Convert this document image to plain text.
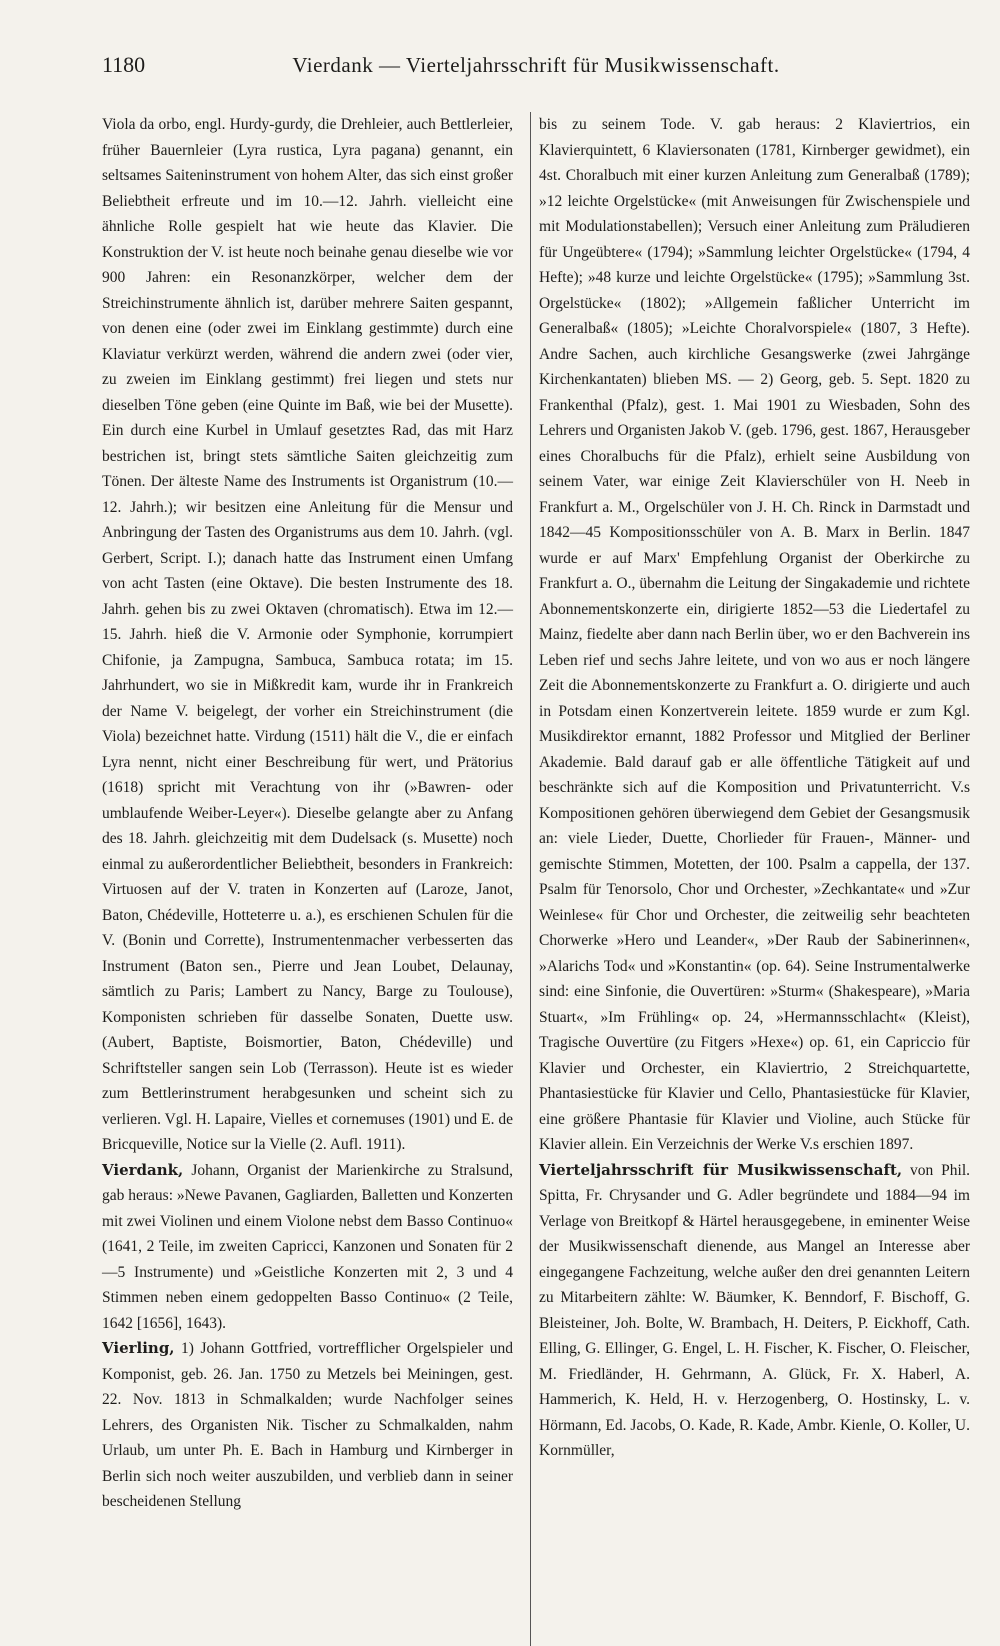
1180	Vierdank — Vierteljahrsschrift für Musikwissenschaft.

Viola da orbo, engl. Hurdy-gurdy, die Drehleier, auch Bettlerleier, früher Bauernleier (Lyra rustica, Lyra pagana) genannt, ein seltsames Saiteninstrument von hohem Alter, das sich einst großer Beliebtheit erfreute und im 10.—12. Jahrh. vielleicht eine ähnliche Rolle gespielt hat wie heute das Klavier. Die Konstruktion der V. ist heute noch beinahe genau dieselbe wie vor 900 Jahren: ein Resonanzkörper, welcher dem der Streichinstrumente ähnlich ist, darüber mehrere Saiten gespannt, von denen eine (oder zwei im Einklang gestimmte) durch eine Klaviatur verkürzt werden, während die andern zwei (oder vier, zu zweien im Einklang gestimmt) frei liegen und stets nur dieselben Töne geben (eine Quinte im Baß, wie bei der Musette). Ein durch eine Kurbel in Umlauf gesetztes Rad, das mit Harz bestrichen ist, bringt stets sämtliche Saiten gleichzeitig zum Tönen. Der älteste Name des Instruments ist Organistrum (10.—12. Jahrh.); wir besitzen eine Anleitung für die Mensur und Anbringung der Tasten des Organistrums aus dem 10. Jahrh. (vgl. Gerbert, Script. I.); danach hatte das Instrument einen Umfang von acht Tasten (eine Oktave). Die besten Instrumente des 18. Jahrh. gehen bis zu zwei Oktaven (chromatisch). Etwa im 12.—15. Jahrh. hieß die V. Armonie oder Symphonie, korrumpiert Chifonie, ja Zampugna, Sambuca, Sambuca rotata; im 15. Jahrhundert, wo sie in Mißkredit kam, wurde ihr in Frankreich der Name V. beigelegt, der vorher ein Streichinstrument (die Viola) bezeichnet hatte. Virdung (1511) hält die V., die er einfach Lyra nennt, nicht einer Beschreibung für wert, und Prätorius (1618) spricht mit Verachtung von ihr (»Bawren- oder umblaufende Weiber-Leyer«). Dieselbe gelangte aber zu Anfang des 18. Jahrh. gleichzeitig mit dem Dudelsack (s. Musette) noch einmal zu außerordentlicher Beliebtheit, besonders in Frankreich: Virtuosen auf der V. traten in Konzerten auf (Laroze, Janot, Baton, Chédeville, Hotteterre u. a.), es erschienen Schulen für die V. (Bonin und Corrette), Instrumentenmacher verbesserten das Instrument (Baton sen., Pierre und Jean Loubet, Delaunay, sämtlich zu Paris; Lambert zu Nancy, Barge zu Toulouse), Komponisten schrieben für dasselbe Sonaten, Duette usw. (Aubert, Baptiste, Boismortier, Baton, Chédeville) und Schriftsteller sangen sein Lob (Terrasson). Heute ist es wieder zum Bettlerinstrument herabgesunken und scheint sich zu verlieren. Vgl. H. Lapaire, Vielles et cornemuses (1901) und E. de Bricqueville, Notice sur la Vielle (2. Aufl. 1911).

Vierdank, Johann, Organist der Marienkirche zu Stralsund, gab heraus: »Newe Pavanen, Gagliarden, Balletten und Konzerten mit zwei Violinen und einem Violone nebst dem Basso Continuo« (1641, 2 Teile, im zweiten Capricci, Kanzonen und Sonaten für 2—5 Instrumente) und »Geistliche Konzerten mit 2, 3 und 4 Stimmen neben einem gedoppelten Basso Continuo« (2 Teile, 1642 [1656], 1643).

Vierling, 1) Johann Gottfried, vortrefflicher Orgelspieler und Komponist, geb. 26. Jan. 1750 zu Metzels bei Meiningen, gest. 22. Nov. 1813 in Schmalkalden; wurde Nachfolger seines Lehrers, des Organisten Nik. Tischer zu Schmalkalden, nahm Urlaub, um unter Ph. E. Bach in Hamburg und Kirnberger in Berlin sich noch weiter auszubilden, und verblieb dann in seiner bescheidenen Stellung

bis zu seinem Tode. V. gab heraus: 2 Klaviertrios, ein Klavierquintett, 6 Klaviersonaten (1781, Kirnberger gewidmet), ein 4st. Choralbuch mit einer kurzen Anleitung zum Generalbaß (1789); »12 leichte Orgelstücke« (mit Anweisungen für Zwischenspiele und mit Modulationstabellen); Versuch einer Anleitung zum Präludieren für Ungeübtere« (1794); »Sammlung leichter Orgelstücke« (1794, 4 Hefte); »48 kurze und leichte Orgelstücke« (1795); »Sammlung 3st. Orgelstücke« (1802); »Allgemein faßlicher Unterricht im Generalbaß« (1805); »Leichte Choralvorspiele« (1807, 3 Hefte). Andre Sachen, auch kirchliche Gesangswerke (zwei Jahrgänge Kirchenkantaten) blieben MS. — 2) Georg, geb. 5. Sept. 1820 zu Frankenthal (Pfalz), gest. 1. Mai 1901 zu Wiesbaden, Sohn des Lehrers und Organisten Jakob V. (geb. 1796, gest. 1867, Herausgeber eines Choralbuchs für die Pfalz), erhielt seine Ausbildung von seinem Vater, war einige Zeit Klavierschüler von H. Neeb in Frankfurt a. M., Orgelschüler von J. H. Ch. Rinck in Darmstadt und 1842—45 Kompositionsschüler von A. B. Marx in Berlin. 1847 wurde er auf Marx' Empfehlung Organist der Oberkirche zu Frankfurt a. O., übernahm die Leitung der Singakademie und richtete Abonnementskonzerte ein, dirigierte 1852—53 die Liedertafel zu Mainz, fiedelte aber dann nach Berlin über, wo er den Bachverein ins Leben rief und sechs Jahre leitete, und von wo aus er noch längere Zeit die Abonnementskonzerte zu Frankfurt a. O. dirigierte und auch in Potsdam einen Konzertverein leitete. 1859 wurde er zum Kgl. Musikdirektor ernannt, 1882 Professor und Mitglied der Berliner Akademie. Bald darauf gab er alle öffentliche Tätigkeit auf und beschränkte sich auf die Komposition und Privatunterricht. V.s Kompositionen gehören überwiegend dem Gebiet der Gesangsmusik an: viele Lieder, Duette, Chorlieder für Frauen-, Männer- und gemischte Stimmen, Motetten, der 100. Psalm a cappella, der 137. Psalm für Tenorsolo, Chor und Orchester, »Zechkantate« und »Zur Weinlese« für Chor und Orchester, die zeitweilig sehr beachteten Chorwerke »Hero und Leander«, »Der Raub der Sabinerinnen«, »Alarichs Tod« und »Konstantin« (op. 64). Seine Instrumentalwerke sind: eine Sinfonie, die Ouvertüren: »Sturm« (Shakespeare), »Maria Stuart«, »Im Frühling« op. 24, »Hermannsschlacht« (Kleist), Tragische Ouvertüre (zu Fitgers »Hexe«) op. 61, ein Capriccio für Klavier und Orchester, ein Klaviertrio, 2 Streichquartette, Phantasiestücke für Klavier und Cello, Phantasiestücke für Klavier, eine größere Phantasie für Klavier und Violine, auch Stücke für Klavier allein. Ein Verzeichnis der Werke V.s erschien 1897.

Vierteljahrsschrift für Musikwissenschaft, von Phil. Spitta, Fr. Chrysander und G. Adler begründete und 1884—94 im Verlage von Breitkopf & Härtel herausgegebene, in eminenter Weise der Musikwissenschaft dienende, aus Mangel an Interesse aber eingegangene Fachzeitung, welche außer den drei genannten Leitern zu Mitarbeitern zählte: W. Bäumker, K. Benndorf, F. Bischoff, G. Bleisteiner, Joh. Bolte, W. Brambach, H. Deiters, P. Eickhoff, Cath. Elling, G. Ellinger, G. Engel, L. H. Fischer, K. Fischer, O. Fleischer, M. Friedländer, H. Gehrmann, A. Glück, Fr. X. Haberl, A. Hammerich, K. Held, H. v. Herzogenberg, O. Hostinsky, L. v. Hörmann, Ed. Jacobs, O. Kade, R. Kade, Ambr. Kienle, O. Koller, U. Kornmüller,
